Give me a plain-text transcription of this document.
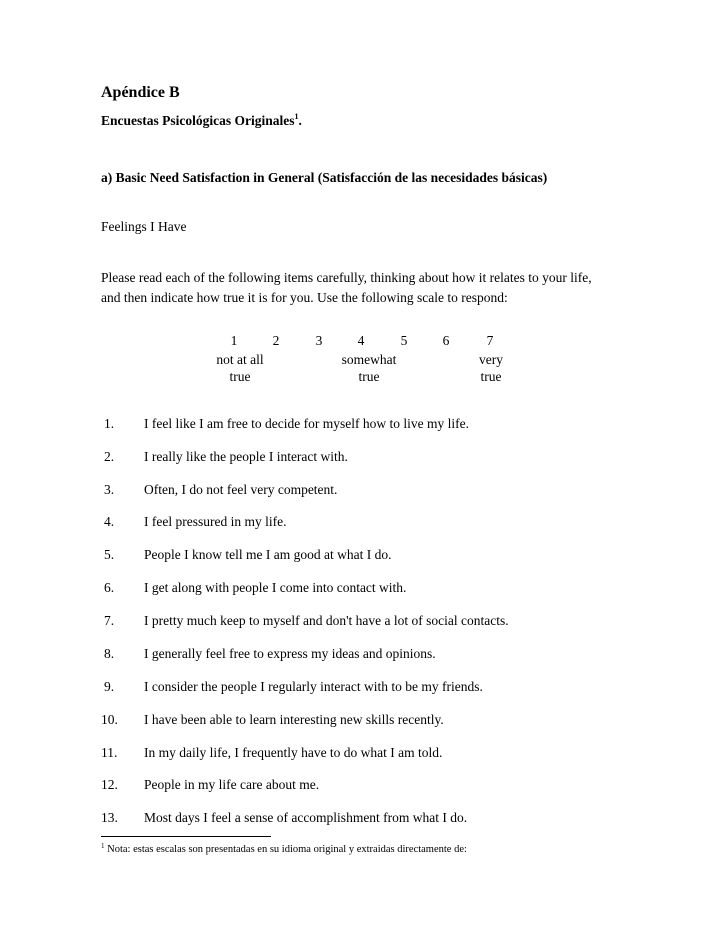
Apéndice B
Encuestas Psicológicas Originales$^1$.
a) Basic Need Satisfaction in General (Satisfacción de las necesidades básicas)
Feelings I Have
Please read each of the following items carefully, thinking about how it relates to your life,
and then indicate how true it is for you. Use the following scale to respond:
1	2	3	4	5	6	7
not at all
true
somewhat
true
very
true
1. I feel like I am free to decide for myself how to live my life.
2. I really like the people I interact with.
3. Often, I do not feel very competent.
4. I feel pressured in my life.
5. People I know tell me I am good at what I do.
6. I get along with people I come into contact with.
7. I pretty much keep to myself and don't have a lot of social contacts.
8. I generally feel free to express my ideas and opinions.
9. I consider the people I regularly interact with to be my friends.
10. I have been able to learn interesting new skills recently.
11. In my daily life, I frequently have to do what I am told.
12. People in my life care about me.
13. Most days I feel a sense of accomplishment from what I do.
$^1$ Nota: estas escalas son presentadas en su idioma original y extraidas directamente de:
